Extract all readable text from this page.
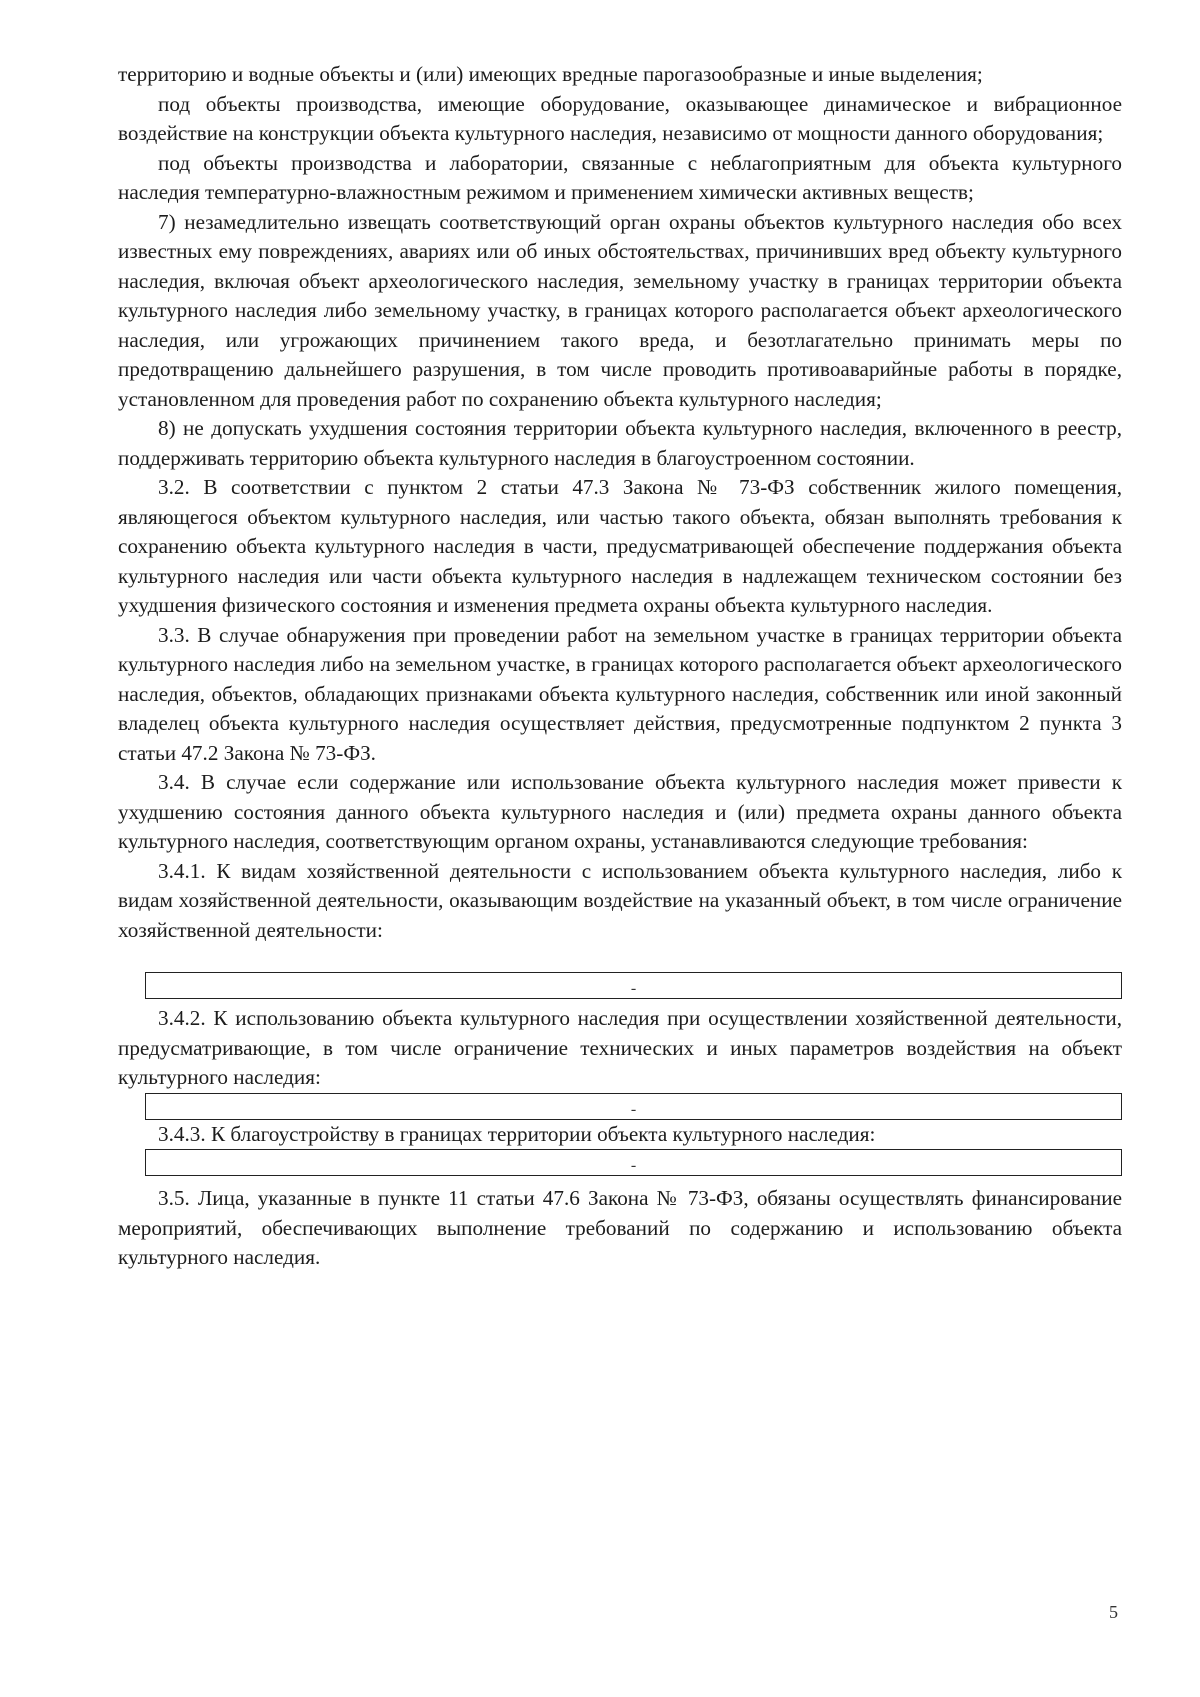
территорию и водные объекты и (или) имеющих вредные парогазообразные и иные выделения;

под объекты производства, имеющие оборудование, оказывающее динамическое и вибрационное воздействие на конструкции объекта культурного наследия, независимо от мощности данного оборудования;

под объекты производства и лаборатории, связанные с неблагоприятным для объекта культурного наследия температурно-влажностным режимом и применением химически активных веществ;

7) незамедлительно извещать соответствующий орган охраны объектов культурного наследия обо всех известных ему повреждениях, авариях или об иных обстоятельствах, причинивших вред объекту культурного наследия, включая объект археологического наследия, земельному участку в границах территории объекта культурного наследия либо земельному участку, в границах которого располагается объект археологического наследия, или угрожающих причинением такого вреда, и безотлагательно принимать меры по предотвращению дальнейшего разрушения, в том числе проводить противоаварийные работы в порядке, установленном для проведения работ по сохранению объекта культурного наследия;

8) не допускать ухудшения состояния территории объекта культурного наследия, включенного в реестр, поддерживать территорию объекта культурного наследия в благоустроенном состоянии.

3.2. В соответствии с пунктом 2 статьи 47.3 Закона № 73-ФЗ собственник жилого помещения, являющегося объектом культурного наследия, или частью такого объекта, обязан выполнять требования к сохранению объекта культурного наследия в части, предусматривающей обеспечение поддержания объекта культурного наследия или части объекта культурного наследия в надлежащем техническом состоянии без ухудшения физического состояния и изменения предмета охраны объекта культурного наследия.

3.3. В случае обнаружения при проведении работ на земельном участке в границах территории объекта культурного наследия либо на земельном участке, в границах которого располагается объект археологического наследия, объектов, обладающих признаками объекта культурного наследия, собственник или иной законный владелец объекта культурного наследия осуществляет действия, предусмотренные подпунктом 2 пункта 3 статьи 47.2 Закона № 73-ФЗ.

3.4. В случае если содержание или использование объекта культурного наследия может привести к ухудшению состояния данного объекта культурного наследия и (или) предмета охраны данного объекта культурного наследия, соответствующим органом охраны, устанавливаются следующие требования:

3.4.1. К видам хозяйственной деятельности с использованием объекта культурного наследия, либо к видам хозяйственной деятельности, оказывающим воздействие на указанный объект, в том числе ограничение хозяйственной деятельности:

-

3.4.2. К использованию объекта культурного наследия при осуществлении хозяйственной деятельности, предусматривающие, в том числе ограничение технических и иных параметров воздействия на объект культурного наследия:

-

3.4.3. К благоустройству в границах территории объекта культурного наследия:

-

3.5. Лица, указанные в пункте 11 статьи 47.6 Закона № 73-ФЗ, обязаны осуществлять финансирование мероприятий, обеспечивающих выполнение требований по содержанию и использованию объекта культурного наследия.

5
